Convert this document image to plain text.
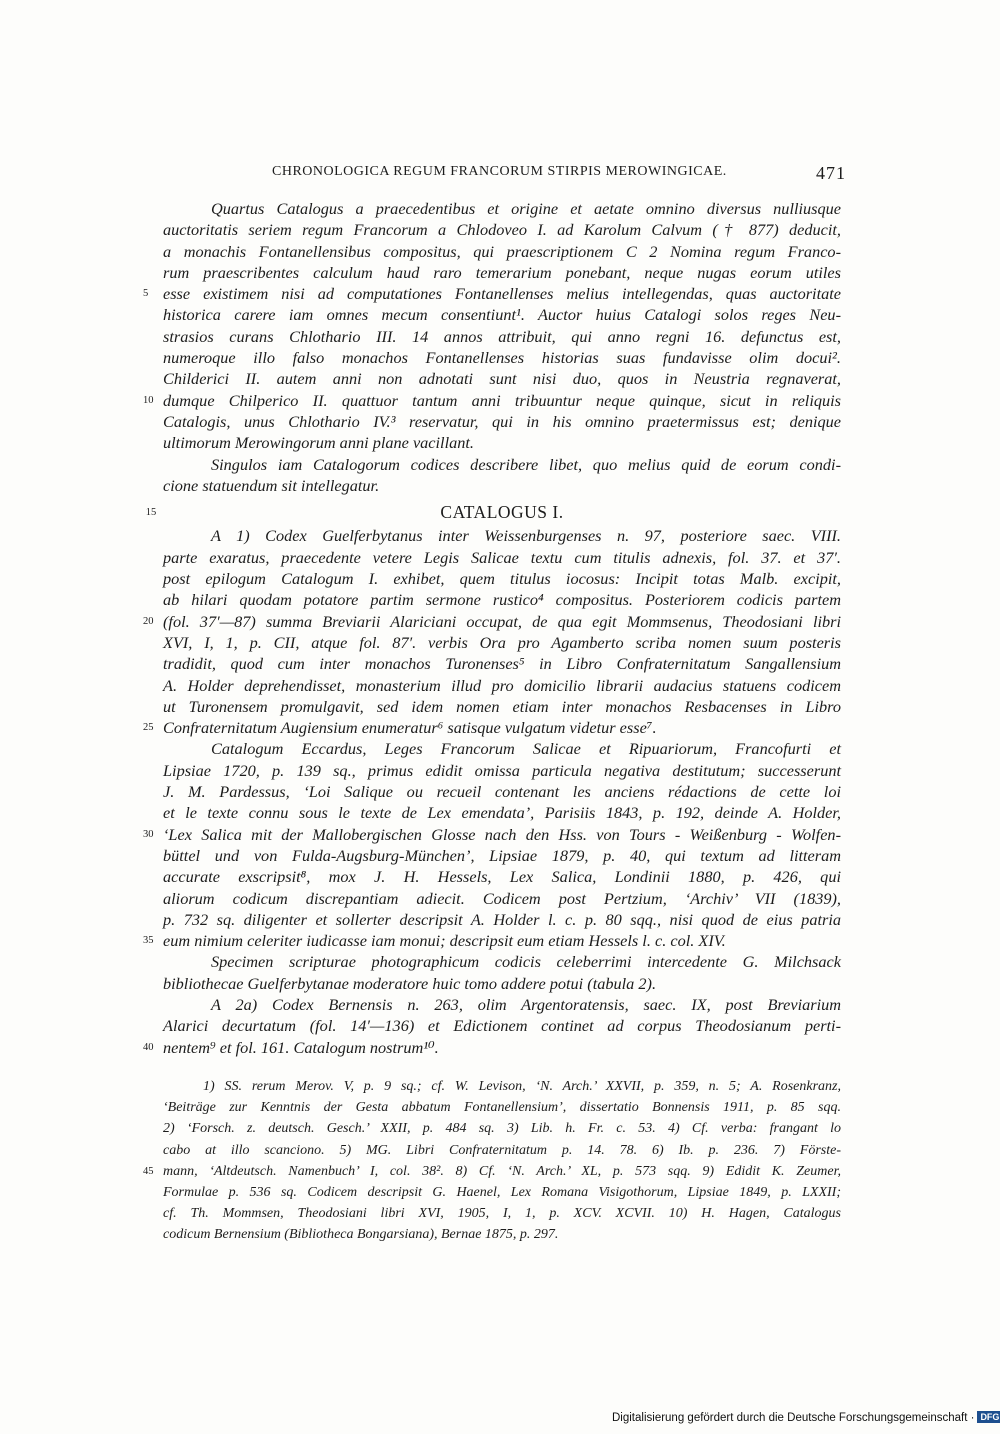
CHRONOLOGICA REGUM FRANCORUM STIRPIS MEROWINGICAE.	471
Quartus Catalogus a praecedentibus et origine et aetate omnino diversus nulliusque
auctoritatis seriem regum Francorum a Chlodoveo I. ad Karolum Calvum († 877) deducit,
a monachis Fontanellensibus compositus, qui praescriptionem C 2 Nomina regum Franco-
rum praescribentes calculum haud raro temerarium ponebant, neque nugas eorum utiles
5 esse existimem nisi ad computationes Fontanellenses melius intellegendas, quas auctoritate
historica carere iam omnes mecum consentiunt¹. Auctor huius Catalogi solos reges Neu-
strasios curans Chlothario III. 14 annos attribuit, qui anno regni 16. defunctus est,
numeroque illo falso monachos Fontanellenses historias suas fundavisse olim docui².
Childerici II. autem anni non adnotati sunt nisi duo, quos in Neustria regnaverat,
10 dumque Chilperico II. quattuor tantum anni tribuuntur neque quinque, sicut in reliquis
Catalogis, unus Chlothario IV.³ reservatur, qui in his omnino praetermissus est; denique
ultimorum Merowingorum anni plane vacillant.
Singulos iam Catalogorum codices describere libet, quo melius quid de eorum condi-
cione statuendum sit intellegatur.
15	CATALOGUS I.
A 1) Codex Guelferbytanus inter Weissenburgenses n. 97, posteriore saec. VIII.
parte exaratus, praecedente vetere Legis Salicae textu cum titulis adnexis, fol. 37. et 37′.
post epilogum Catalogum I. exhibet, quem titulus iocosus: Incipit totas Malb. excipit,
ab hilari quodam potatore partim sermone rustico⁴ compositus. Posteriorem codicis partem
20 (fol. 37′—87) summa Breviarii Alariciani occupat, de qua egit Mommsenus, Theodosiani libri
XVI, I, 1, p. CII, atque fol. 87′. verbis Ora pro Agamberto scriba nomen suum posteris
tradidit, quod cum inter monachos Turonenses⁵ in Libro Confraternitatum Sangallensium
A. Holder deprehendisset, monasterium illud pro domicilio librarii audacius statuens codicem
ut Turonensem promulgavit, sed idem nomen etiam inter monachos Resbacenses in Libro
25 Confraternitatum Augiensium enumeratur⁶ satisque vulgatum videtur esse⁷.
Catalogum Eccardus, Leges Francorum Salicae et Ripuariorum, Francofurti et
Lipsiae 1720, p. 139 sq., primus edidit omissa particula negativa destitutum; successerunt
J. M. Pardessus, ‘Loi Salique ou recueil contenant les anciens rédactions de cette loi
et le texte connu sous le texte de Lex emendata’, Parisiis 1843, p. 192, deinde A. Holder,
30 ‘Lex Salica mit der Mallobergischen Glosse nach den Hss. von Tours - Weißenburg - Wolfen-
büttel und von Fulda-Augsburg-München’, Lipsiae 1879, p. 40, qui textum ad litteram
accurate exscripsit⁸, mox J. H. Hessels, Lex Salica, Londinii 1880, p. 426, qui
aliorum codicum discrepantiam adiecit. Codicem post Pertzium, ‘Archiv’ VII (1839),
p. 732 sq. diligenter et sollerter descripsit A. Holder l. c. p. 80 sqq., nisi quod de eius patria
35 eum nimium celeriter iudicasse iam monui; descripsit eum etiam Hessels l. c. col. XIV.
Specimen scripturae photographicum codicis celeberrimi intercedente G. Milchsack
bibliothecae Guelferbytanae moderatore huic tomo addere potui (tabula 2).
A 2a) Codex Bernensis n. 263, olim Argentoratensis, saec. IX, post Breviarium
Alarici decurtatum (fol. 14′—136) et Edictionem continet ad corpus Theodosianum perti-
40 nentem⁹ et fol. 161. Catalogum nostrum¹⁰.
1) SS. rerum Merov. V, p. 9 sq.; cf. W. Levison, ‘N. Arch.’ XXVII, p. 359, n. 5; A. Rosenkranz,
‘Beiträge zur Kenntnis der Gesta abbatum Fontanellensium’, dissertatio Bonnensis 1911, p. 85 sqq.
2) ‘Forsch. z. deutsch. Gesch.’ XXII, p. 484 sq. 3) Lib. h. Fr. c. 53. 4) Cf. verba: frangant lo
cabo at illo scanciono. 5) MG. Libri Confraternitatum p. 14. 78. 6) Ib. p. 236. 7) Förste-
45 mann, ‘Altdeutsch. Namenbuch’ I, col. 38². 8) Cf. ‘N. Arch.’ XL, p. 573 sqq. 9) Edidit K. Zeumer,
Formulae p. 536 sq. Codicem descripsit G. Haenel, Lex Romana Visigothorum, Lipsiae 1849, p. LXXII;
cf. Th. Mommsen, Theodosiani libri XVI, 1905, I, 1, p. XCV. XCVII. 10) H. Hagen, Catalogus
codicum Bernensium (Bibliotheca Bongarsiana), Bernae 1875, p. 297.
Digitalisierung gefördert durch die Deutsche Forschungsgemeinschaft · DFG
